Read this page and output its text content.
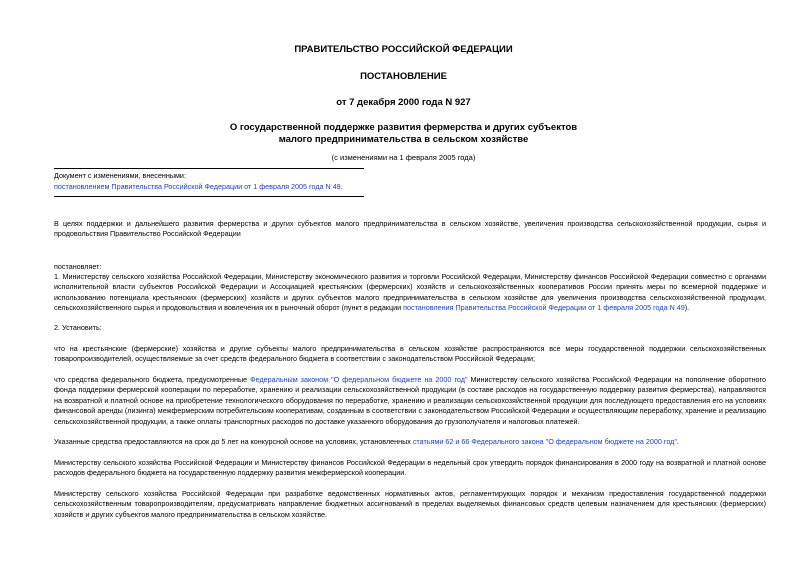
ПРАВИТЕЛЬСТВО РОССИЙСКОЙ ФЕДЕРАЦИИ
ПОСТАНОВЛЕНИЕ
от 7 декабря 2000 года N 927
О государственной поддержке развития фермерства и других субъектов
малого предпринимательства в сельском хозяйстве
(с изменениями на 1 февраля 2005 года)
Документ с изменениями, внесенными:
постановлением Правительства Российской Федерации от 1 февраля 2005 года N 49.

В целях поддержки и дальнейшего развития фермерства и других субъектов малого предпринимательства в сельском хозяйстве, увеличения производства сельскохозяйственной продукции, сырья и продовольствия Правительство Российской Федерации

постановляет:

1. Министерству сельского хозяйства Российской Федерации, Министерству экономического развития и торговли Российской Федерации, Министерству финансов Российской Федерации совместно с органами исполнительной власти субъектов Российской Федерации и Ассоциацией крестьянских (фермерских) хозяйств и сельскохозяйственных кооперативов России принять меры по всемерной поддержке и использованию потенциала крестьянских (фермерских) хозяйств и других субъектов малого предпринимательства в сельском хозяйстве для увеличения производства сельскохозяйственной продукции, сельскохозяйственного сырья и продовольствия и вовлечения их в рыночный оборот (пункт в редакции постановления Правительства Российской Федерации от 1 февраля 2005 года N 49).

2. Установить:

что на крестьянские (фермерские) хозяйства и другие субъекты малого предпринимательства в сельском хозяйстве распространяются все меры государственной поддержки сельскохозяйственных товаропроизводителей, осуществляемые за счет средств федерального бюджета в соответствии с законодательством Российской Федерации;

что средства федерального бюджета, предусмотренные Федеральным законом "О федеральном бюджете на 2000 год" Министерству сельского хозяйства Российской Федерации на пополнение оборотного фонда поддержки фермерской кооперации по переработке, хранению и реализации сельскохозяйственной продукции (в составе расходов на государственную поддержку развития фермерства), направляются на возвратной и платной основе на приобретение технологического оборудования по переработке, хранению и реализации сельскохозяйственной продукции для последующего предоставления его на условиях финансовой аренды (лизинга) межфермерским потребительским кооперативам, созданным в соответствии с законодательством Российской Федерации и осуществляющим переработку, хранение и реализацию сельскохозяйственной продукции, а также оплаты транспортных расходов по доставке указанного оборудования до грузополучателя и налоговых платежей.

Указанные средства предоставляются на срок до 5 лет на конкурсной основе на условиях, установленных статьями 62 и 66 Федерального закона "О федеральном бюджете на 2000 год".

Министерству сельского хозяйства Российской Федерации и Министерству финансов Российской Федерации в недельный срок утвердить порядок финансирования в 2000 году на возвратной и платной основе расходов федерального бюджета на государственную поддержку развития межфермерской кооперации.

Министерству сельского хозяйства Российской Федерации при разработке ведомственных нормативных актов, регламентирующих порядок и механизм предоставления государственной поддержки сельскохозяйственным товаропроизводителям, предусматривать направление бюджетных ассигнований в пределах выделяемых финансовых средств целевым назначением для крестьянских (фермерских) хозяйств и других субъектов малого предпринимательства в сельском хозяйстве.
